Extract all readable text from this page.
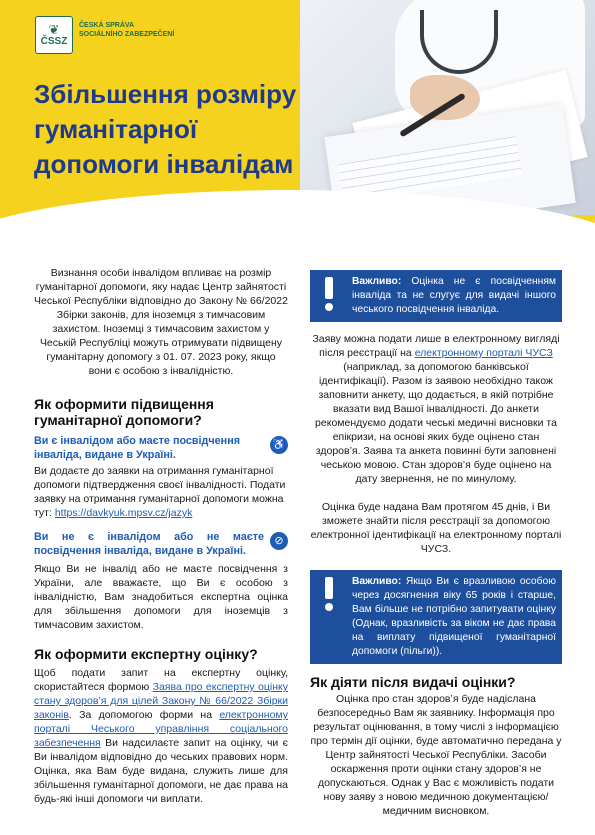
❦
ČSSZ
ČESKÁ SPRÁVA
SOCIÁLNÍHO ZABEZPEČENÍ
Збільшення розміру
гуманітарної
допомоги інвалідам

Визнання особи інвалідом впливає на розмір гуманітарної допомоги, яку надає Центр зайнятості Чеської Республіки відповідно до Закону № 66/2022 Збірки законів, для іноземця з тимчасовим захистом. Іноземці з тимчасовим захистом у Чеській Республіці можуть отримувати підвищену гуманітарну допомогу з 01. 07. 2023 року, якщо вони є особою з інвалідністю.

Як оформити підвищення гуманітарної допомоги?
Ви є інвалідом або маєте посвідчення інваліда, видане в Україні.
♿

Ви додаєте до заявки на отримання гуманітарної допомоги підтвердження своєї інвалідності. Подати заявку на отримання гуманітарної допомоги можна тут: https://davkyuk.mpsv.cz/jazyk

Ви не є інвалідом або не маєте посвідчення інваліда, видане в Україні.
⊘

Якщо Ви не інвалід або не маєте посвідчення з України, але вважаєте, що Ви є особою з інвалідністю, Вам знадобиться експертна оцінка для збільшення допомоги для іноземців з тимчасовим захистом.

Як оформити експертну оцінку?

Щоб подати запит на експертну оцінку, скористайтеся формою Заява про експертну оцінку стану здоров’я для цілей Закону № 66/2022 Збірки законів. За допомогою форми на електронному порталі Чеського управління соціального забезпечення Ви надсилаєте запит на оцінку, чи є Ви інвалідом відповідно до чеських правових норм. Оцінка, яка Вам буде видана, служить лише для збільшення гуманітарної допомоги, не дає права на будь-які інші допомоги чи виплати.

Важливо: Оцінка не є посвідченням інваліда та не слугує для видачі іншого чеського посвідчення інваліда.

Заяву можна подати лише в електронному вигляді після реєстрації на електронному порталі ЧУСЗ (наприклад, за допомогою банківської ідентифікації). Разом із заявою необхідно також заповнити анкету, що додається, в якій потрібне вказати вид Вашої інвалідності. До анкети рекомендуємо додати чеські медичні висновки та епікризи, на основі яких буде оцінено стан здоров’я. Заява та анкета повинні бути заповнені чеською мовою. Стан здоров’я буде оцінено на дату звернення, не по минулому.

Оцінка буде надана Вам протягом 45 днів, і Ви зможете знайти після реєстрації за допомогою електронної ідентифікації на електронному порталі ЧУСЗ.

Важливо: Якщо Ви є вразливою особою через досягнення віку 65 років і старше, Вам більше не потрібно запитувати оцінку (Однак, вразливість за віком не дає права на виплату підвищеної гуманітарної допомоги (пільги)).
Як діяти після видачі оцінки?

Оцінка про стан здоров’я буде надіслана безпосередньо Вам як заявнику. Інформація про результат оцінювання, в тому числі з інформацією про термін дії оцінки, буде автоматично передана у Центр зайнятості Чеської Республіки. Засоби оскарження проти оцінки стану здоров’я не допускаються. Однак у Вас є можливість подати нову заяву з новою медичною документацією/ медичним висновком.
